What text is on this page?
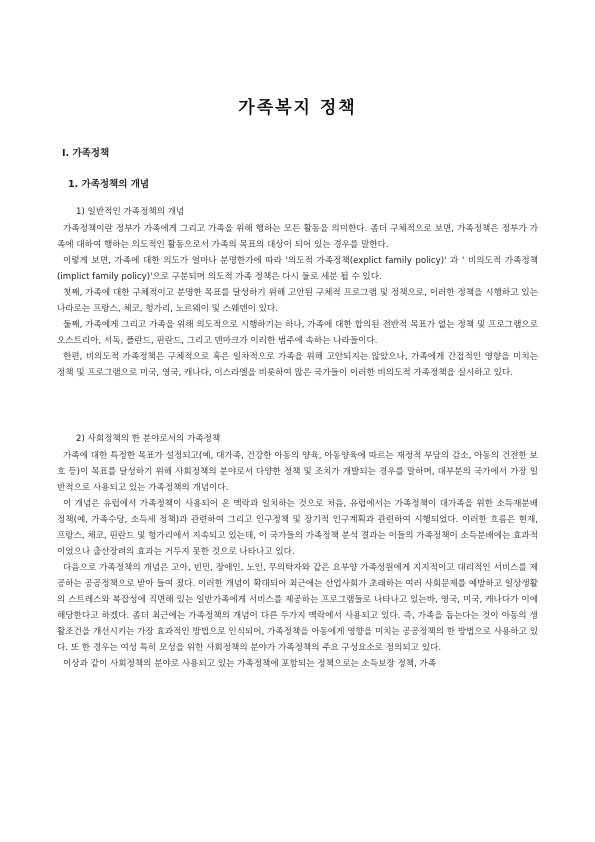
가족복지 정책
Ⅰ. 가족정책
1. 가족정책의 개념

1) 일반적인 가족정책의 개념

가족정책이란 정부가 가족에게 그리고 가족을 위해 행하는 모든 활동을 의미한다. 좀더 구체적으로 보면, 가족정책은 정부가 가족에 대하여 행하는 의도적인 활동으로서 가족의 목표의 대상이 되어 있는 경우를 말한다.

이렇게 보면, 가족에 대한 의도가 얼마나 분명한가에 따라 '의도적 가족정책(explict family policy)' 과 ' 비의도적 가족정책(implict family policy)'으로 구분되며 의도적 가족 정책은 다시 둘로 세분 될 수 있다.

첫째, 가족에 대한 구체적이고 분명한 목표를 달성하기 위해 고안된 구체적 프로그램 및 정책으로, 이러한 정책을 시행하고 있는 나라로는 프랑스, 체코, 헝가리, 노르웨이 및 스웨덴이 있다.

둘째, 가족에게 그리고 가족을 위해 의도적으로 시행하기는 하나, 가족에 대한 합의된 전반적 목표가 없는 정책 및 프로그램으로 오스트리아, 서독, 폴란드, 핀란드, 그리고 덴마크가 이러한 범주에 속하는 나라들이다.

한편, 비의도적 가족정책은 구체적으로 혹은 일차적으로 가족을 위해 고안되지는 않았으나, 가족에게 간접적인 영향을 미치는 정책 및 프로그램으로 미국, 영국, 캐나다, 이스라엘을 비롯하여 많은 국가들이 이러한 비의도적 가족정책을 실시하고 있다.

2) 사회정책의 한 분야로서의 가족정책

가족에 대한 특정한 목표가 설정되고(예, 대가족, 건강한 아동의 양육, 아동양육에 따르는 재정적 부담의 감소, 아동의 건전한 보호 등)이 목표를 달성하기 위해 사회정책의 분야로서 다양한 정책 및 조치가 개발되는 경우를 말하며, 대부분의 국가에서 가장 일반적으로 사용되고 있는 가족정책의 개념이다.

이 개념은 유럽에서 가족정책이 사용되어 온 맥락과 일치하는 것으로 처음, 유럽에서는 가족정책이 대가족을 위한 소득재분배 정책(예, 가족수당, 소득세 정책)과 관련하여 그리고 인구정책 및 장기적 인구계획과 관련하여 시행되었다. 이러한 흐름은 현재, 프랑스, 체코, 핀란드 및 헝가리에서 지속되고 있는데, 이 국가들의 가족정책 분석 결과는 이들의 가족정책이 소득분배에는 효과적이었으나 출산장려의 효과는 거두지 못한 것으로 나타나고 있다.

다음으로 가족정책의 개념은 고아, 빈민, 장애인, 노인, 무의탁자와 같은 요부양 가족성원에게 지지적이고 대리적인 서비스를 제공하는 공공정책으로 받아 들여 졌다. 이러한 개념이 확대되어 최근에는 산업사회가 초래하는 여러 사회문제를 예방하고 일상생활의 스트레스와 복잡성에 직면해 있는 일반가족에게 서비스를 제공하는 프로그램들로 나타나고 있는바, 영국, 미국, 캐나다가 이에 해당한다고 하겠다. 좀더 최근에는 가족정책의 개념이 다른 두가지 맥락에서 사용되고 있다. 즉, 가족을 돕는다는 것이 아동의 생활조건을 개선시키는 가장 효과적인 방법으로 인식되어, 가족정책을 아동에게 영향을 미치는 공공정책의 한 방법으로 사용하고 있다. 또 한 경우는 여성 특히 모성을 위한 사회정책의 분야가 가족정책의 주요 구성요소로 정의되고 있다.

이상과 같이 사회정책의 분야로 사용되고 있는 가족정책에 포함되는 정책으로는 소득보장 정책, 가족
